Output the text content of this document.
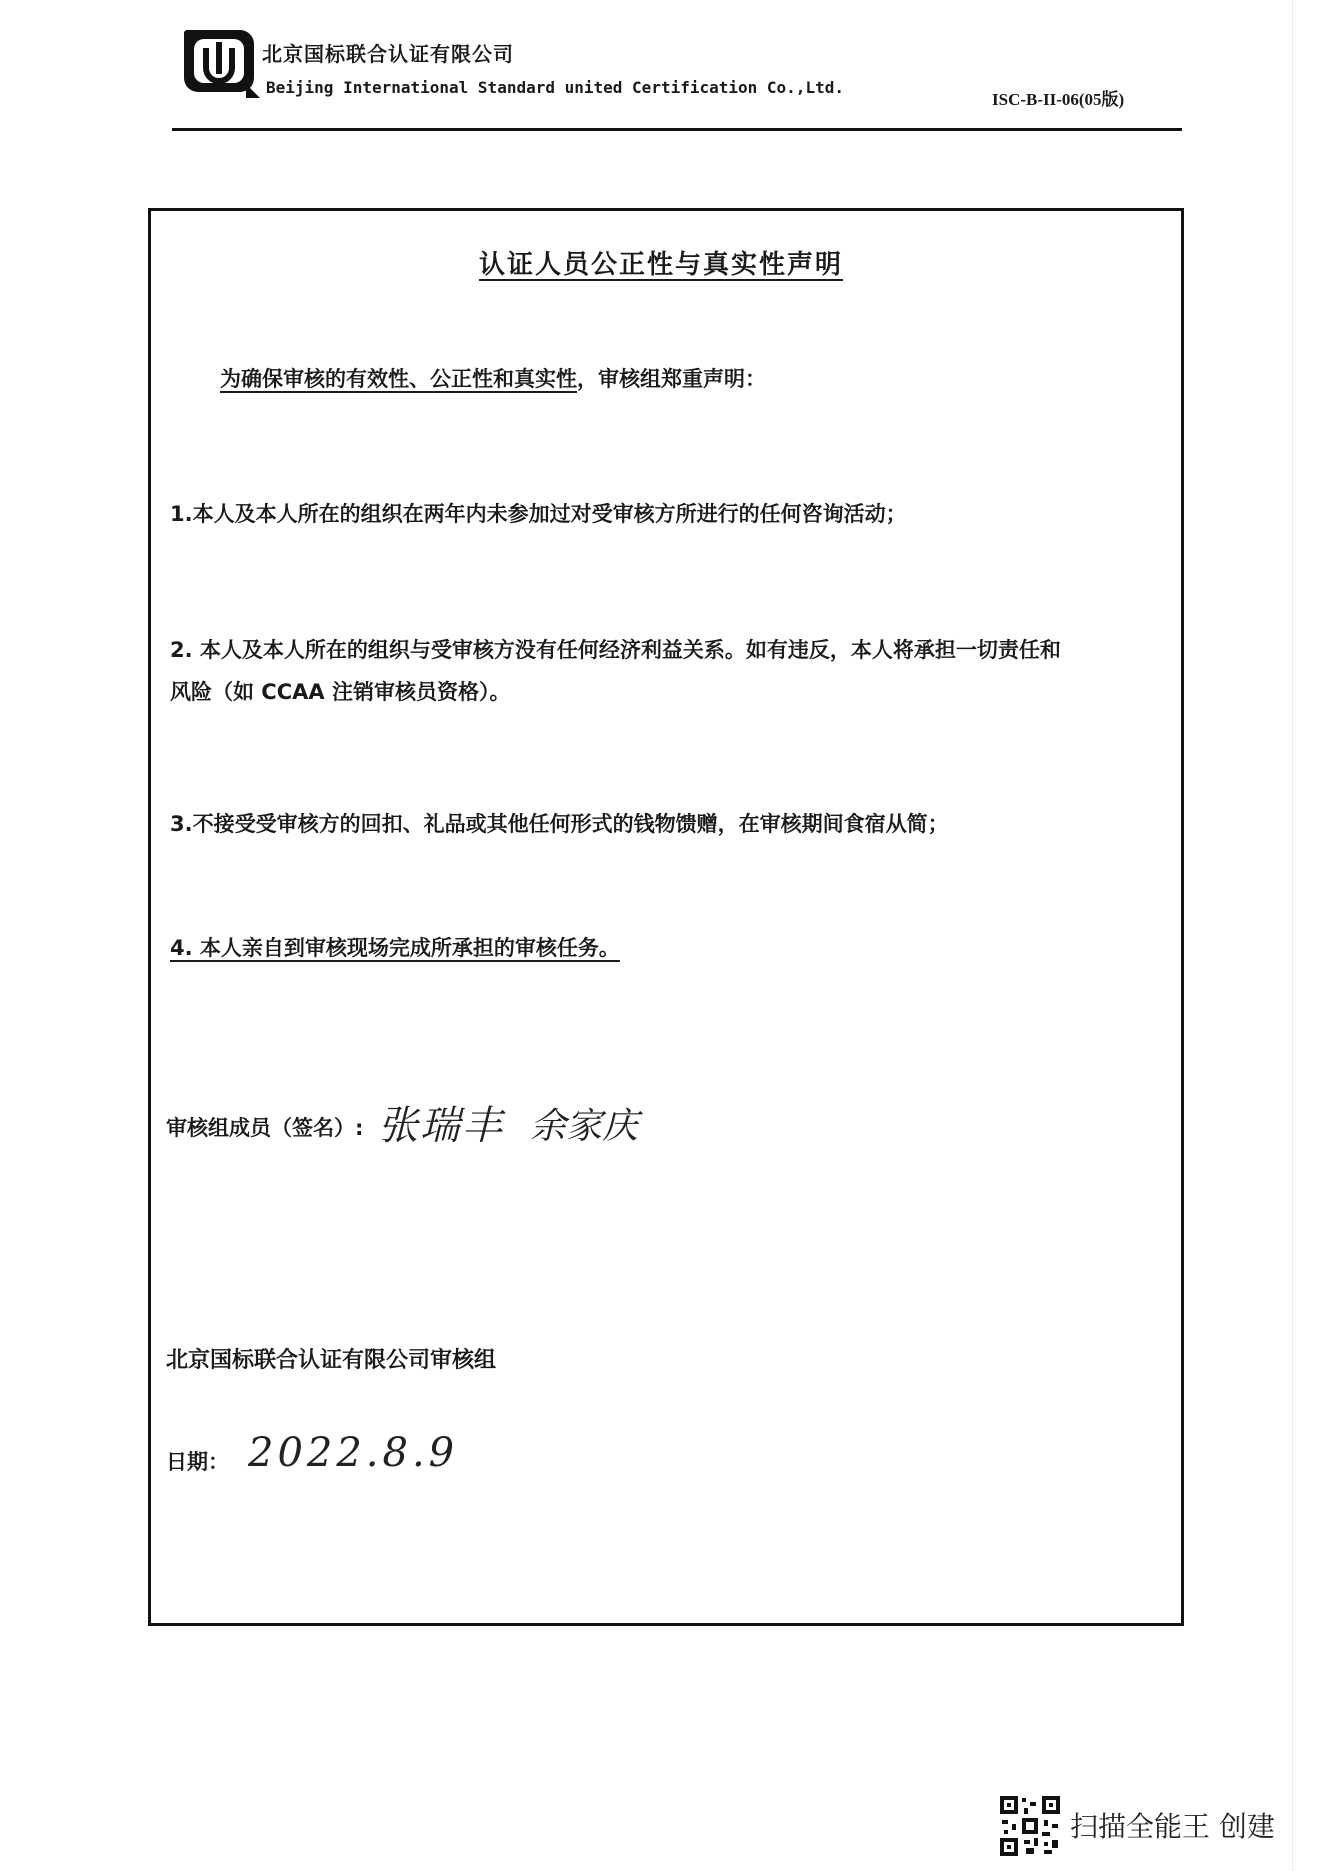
北京国标联合认证有限公司
Beijing International Standard united Certification Co.,Ltd.
ISC-B-II-06(05版)
认证人员公正性与真实性声明
为确保审核的有效性、公正性和真实性，审核组郑重声明：
1.本人及本人所在的组织在两年内未参加过对受审核方所进行的任何咨询活动；
2. 本人及本人所在的组织与受审核方没有任何经济利益关系。如有违反，本人将承担一切责任和
风险（如 CCAA 注销审核员资格）。
3.不接受受审核方的回扣、礼品或其他任何形式的钱物馈赠，在审核期间食宿从简；
4. 本人亲自到审核现场完成所承担的审核任务。
审核组成员（签名）: 张瑞丰 余家庆
北京国标联合认证有限公司审核组
日期： 2022.8.9
扫描全能王 创建
